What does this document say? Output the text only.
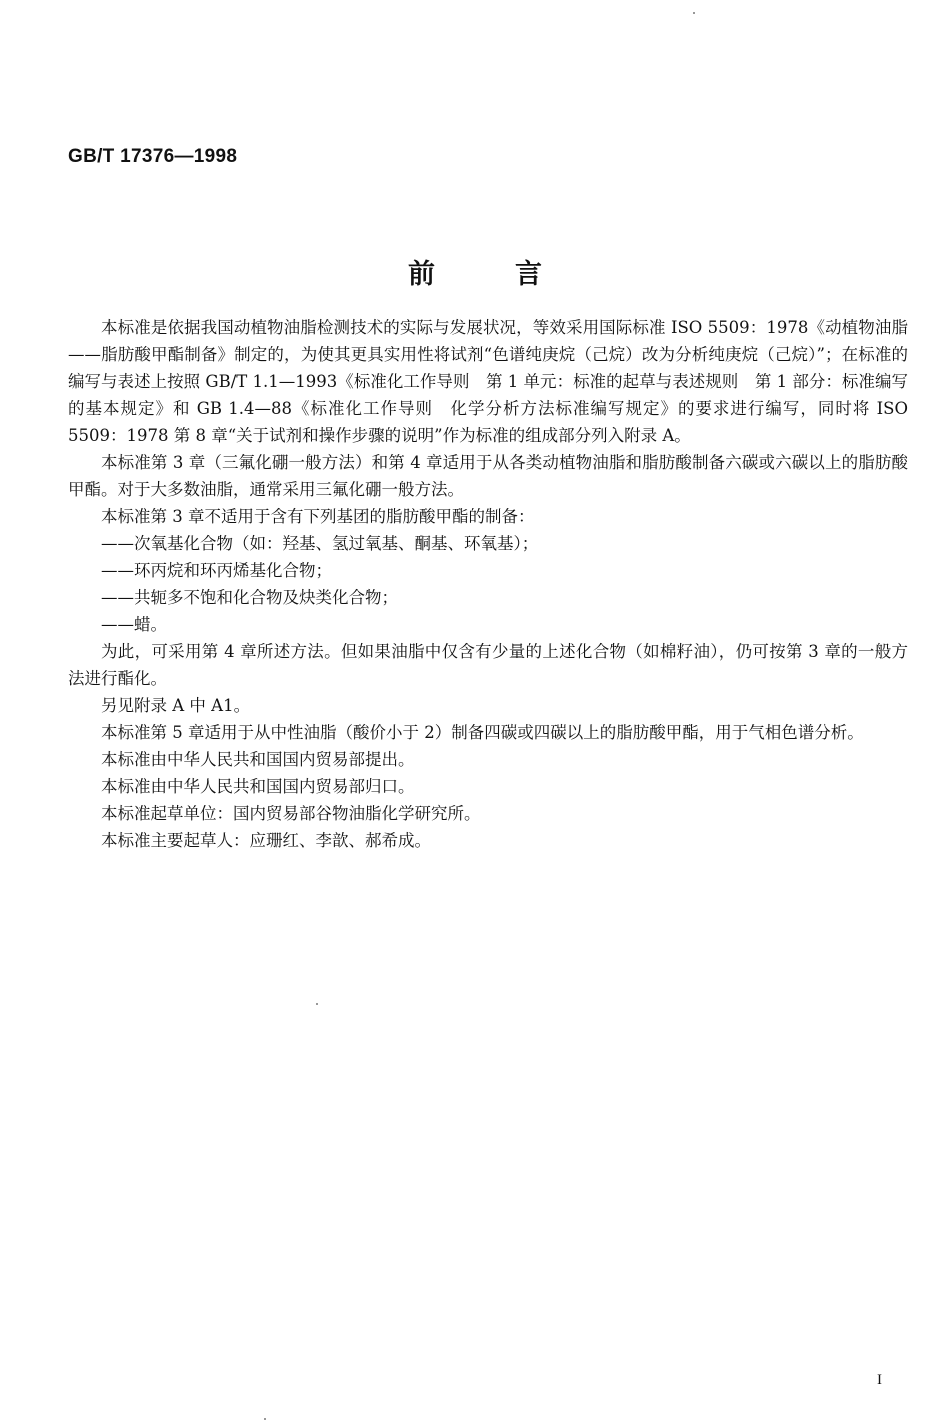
GB/T 17376—1998
前言

本标准是依据我国动植物油脂检测技术的实际与发展状况，等效采用国际标准 ISO 5509：1978《动植物油脂——脂肪酸甲酯制备》制定的，为使其更具实用性将试剂“色谱纯庚烷（己烷）改为分析纯庚烷（己烷）”；在标准的编写与表述上按照 GB/T 1.1—1993《标准化工作导则　第 1 单元：标准的起草与表述规则　第 1 部分：标准编写的基本规定》和 GB 1.4—88《标准化工作导则　化学分析方法标准编写规定》的要求进行编写，同时将 ISO 5509：1978 第 8 章“关于试剂和操作步骤的说明”作为标准的组成部分列入附录 A。

本标准第 3 章（三氟化硼一般方法）和第 4 章适用于从各类动植物油脂和脂肪酸制备六碳或六碳以上的脂肪酸甲酯。对于大多数油脂，通常采用三氟化硼一般方法。

本标准第 3 章不适用于含有下列基团的脂肪酸甲酯的制备：

——次氧基化合物（如：羟基、氢过氧基、酮基、环氧基）；

——环丙烷和环丙烯基化合物；

——共轭多不饱和化合物及炔类化合物；

——蜡。

为此，可采用第 4 章所述方法。但如果油脂中仅含有少量的上述化合物（如棉籽油），仍可按第 3 章的一般方法进行酯化。

另见附录 A 中 A1。

本标准第 5 章适用于从中性油脂（酸价小于 2）制备四碳或四碳以上的脂肪酸甲酯，用于气相色谱分析。

本标准由中华人民共和国国内贸易部提出。

本标准由中华人民共和国国内贸易部归口。

本标准起草单位：国内贸易部谷物油脂化学研究所。

本标准主要起草人：应珊红、李歆、郝希成。

I
